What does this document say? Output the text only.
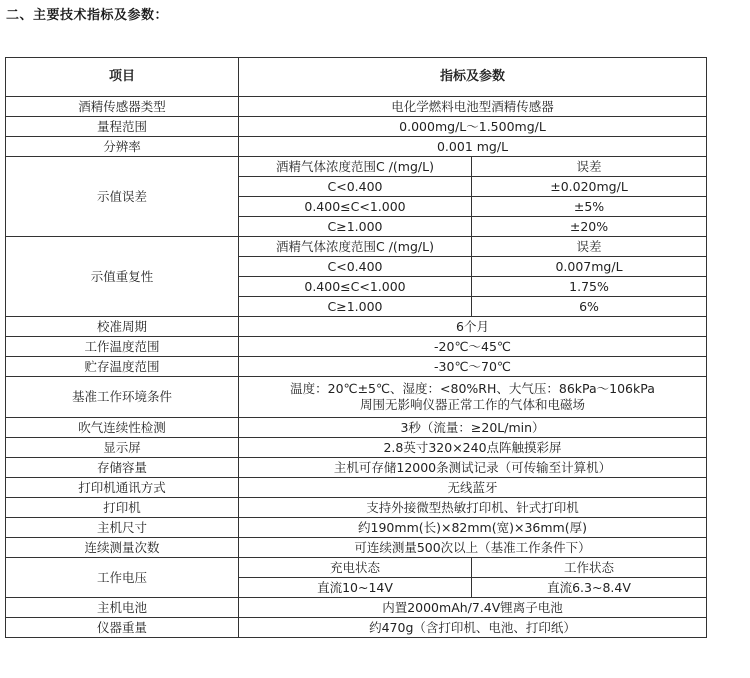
二、主要技术指标及参数：
项目	指标及参数	
酒精传感器类型	电化学燃料电池型酒精传感器	
量程范围	0.000mg/L～1.500mg/L	
分辨率	0.001 mg/L	
示值误差	酒精气体浓度范围C /(mg/L)	误差
	C<0.400	±0.020mg/L
	0.400≤C<1.000	±5%
	C≥1.000	±20%
示值重复性	酒精气体浓度范围C /(mg/L)	误差
	C<0.400	0.007mg/L
	0.400≤C<1.000	1.75%
	C≥1.000	6%
校准周期	6个月	
工作温度范围	-20℃～45℃	
贮存温度范围	-30℃～70℃	
基准工作环境条件	温度：20℃±5℃、湿度：<80%RH、大气压：86kPa～106kPa
周围无影响仪器正常工作的气体和电磁场	

吹气连续性检测	3秒（流量：≥20L/min）	
显示屏	2.8英寸320×240点阵触摸彩屏	
存储容量	主机可存储12000条测试记录（可传输至计算机）	
打印机通讯方式	无线蓝牙	
打印机	支持外接微型热敏打印机、针式打印机	
主机尺寸	约190mm(长)×82mm(宽)×36mm(厚)	
连续测量次数	可连续测量500次以上（基准工作条件下）	
工作电压	充电状态	工作状态
	直流10~14V	直流6.3~8.4V
主机电池	内置2000mAh/7.4V锂离子电池	
仪器重量	约470g（含打印机、电池、打印纸）	
